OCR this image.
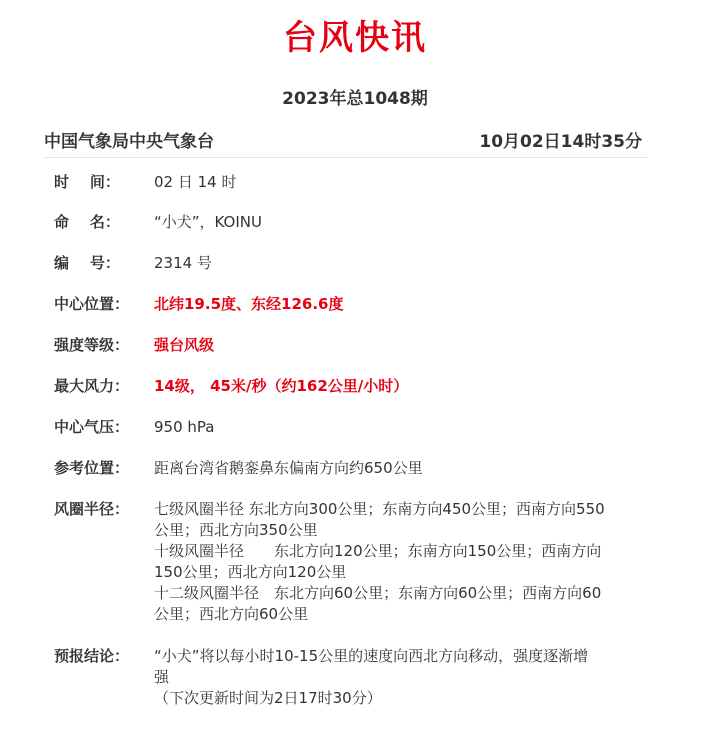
台风快讯
2023年总1048期
中国气象局中央气象台	10月02日14时35分
时    间： 02 日 14 时
命    名： “小犬”，KOINU
编    号： 2314 号
中心位置： 北纬19.5度、东经126.6度
强度等级： 强台风级
最大风力： 14级， 45米/秒（约162公里/小时）
中心气压： 950 hPa
参考位置： 距离台湾省鹅銮鼻东偏南方向约650公里
风圈半径： 七级风圈半径 东北方向300公里；东南方向450公里；西南方向550
公里；西北方向350公里
十级风圈半径　　东北方向120公里；东南方向150公里；西南方向
150公里；西北方向120公里
十二级风圈半径　东北方向60公里；东南方向60公里；西南方向60
公里；西北方向60公里
预报结论： “小犬”将以每小时10-15公里的速度向西北方向移动，强度逐渐增
强
（下次更新时间为2日17时30分）
